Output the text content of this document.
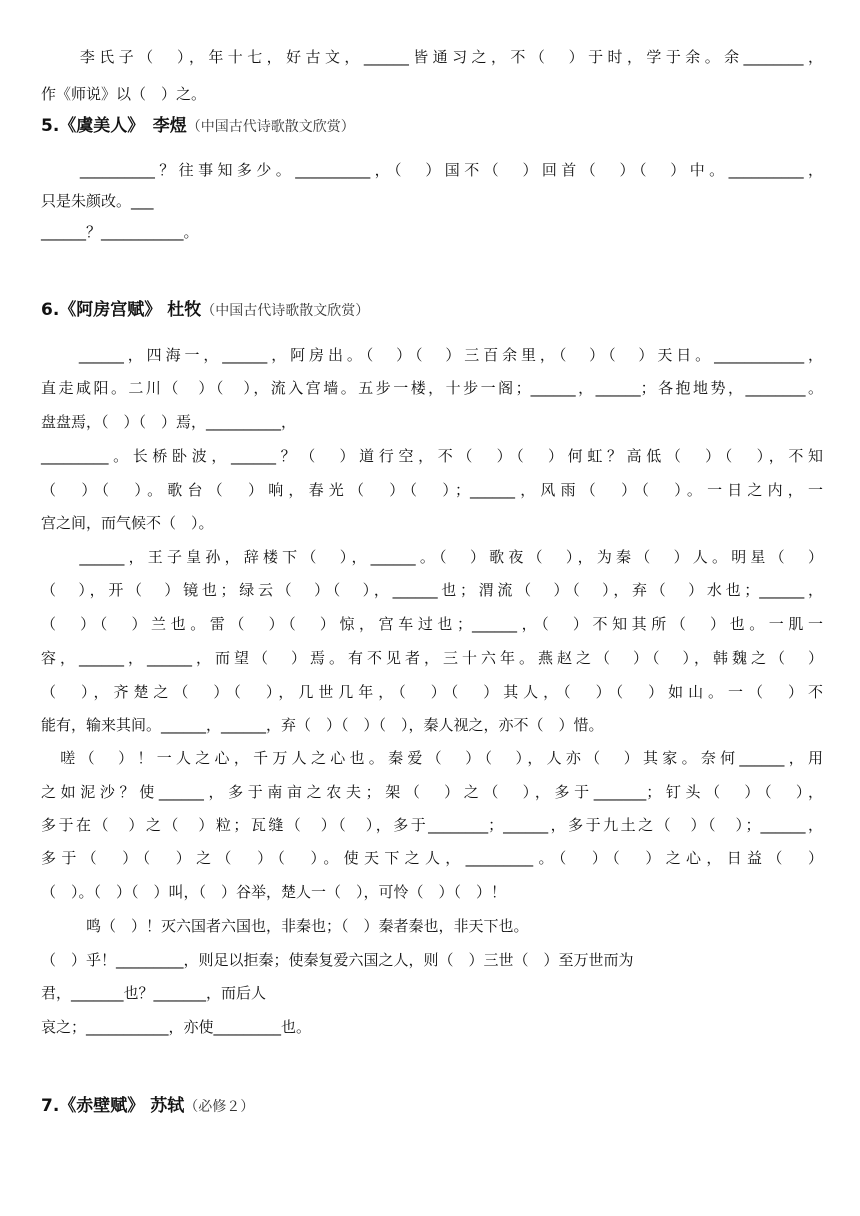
　　李氏子（　），年十七，好古文，______皆通习之，不（　）于时，学于余。余________，
作《师说》以（　）之。
5.《虞美人》　李煜（中国古代诗歌散文欣赏）
　　__________？往事知多少。__________，（　）国不（　）回首（　）（　）中。__________，
只是朱颜改。___
______？___________。
6.《阿房宫赋》 杜牧（中国古代诗歌散文欣赏）
　　______，四海一，______，阿房出。（　）（　）三百余里，（　）（　）天日。____________，
直走咸阳。二川（　）（　），流入宫墙。五步一楼，十步一阁；______，______；各抱地势，________。
盘盘焉，（　）（　）焉，__________，
_________。长桥卧波，______？（　）道行空，不（　）（　）何虹？高低（　）（　），不知
（　）（　）。歌台（　）响，春光（　）（　）；______，风雨（　）（　）。一日之内，一
宫之间，而气候不（　）。
　　______，王子皇孙，辞楼下（　），______。（　）歌夜（　），为秦（　）人。明星（　）
（　），开（　）镜也；绿云（　）（　），______也；渭流（　）（　），弃（　）水也；______，
（　）（　）兰也。雷（　）（　）惊，宫车过也；______，（　）不知其所（　）也。一肌一
容，______，______，而望（　）焉。有不见者，三十六年。燕赵之（　）（　），韩魏之（　）
（　），齐楚之（　）（　），几世几年，（　）（　）其人，（　）（　）如山。一（　）不
能有，输来其间。______，______，弃（　）（　）（　），秦人视之，亦不（　）惜。
　嗟（　）！一人之心，千万人之心也。秦爱（　）（　），人亦（　）其家。奈何______，用
之如泥沙？使______，多于南亩之农夫；架（　）之（　），多于_______；钉头（　）（　），
多于在（　）之（　）粒；瓦缝（　）（　），多于________；______，多于九土之（　）（　）；______，
多于（　）（　）之（　）（　）。使天下之人，_________。（　）（　）之心，日益（　）
（　）。（　）（　）叫，（　）谷举，楚人一（　），可怜（　）（　）！
　　　鸣（　）！灭六国者六国也，非秦也；（　）秦者秦也，非天下也。
（　）乎！_________，则足以拒秦；使秦复爱六国之人，则（　）三世（　）至万世而为
君，_______也？_______，而后人
哀之；___________，亦使_________也。
7.《赤壁赋》 苏轼（必修２）
